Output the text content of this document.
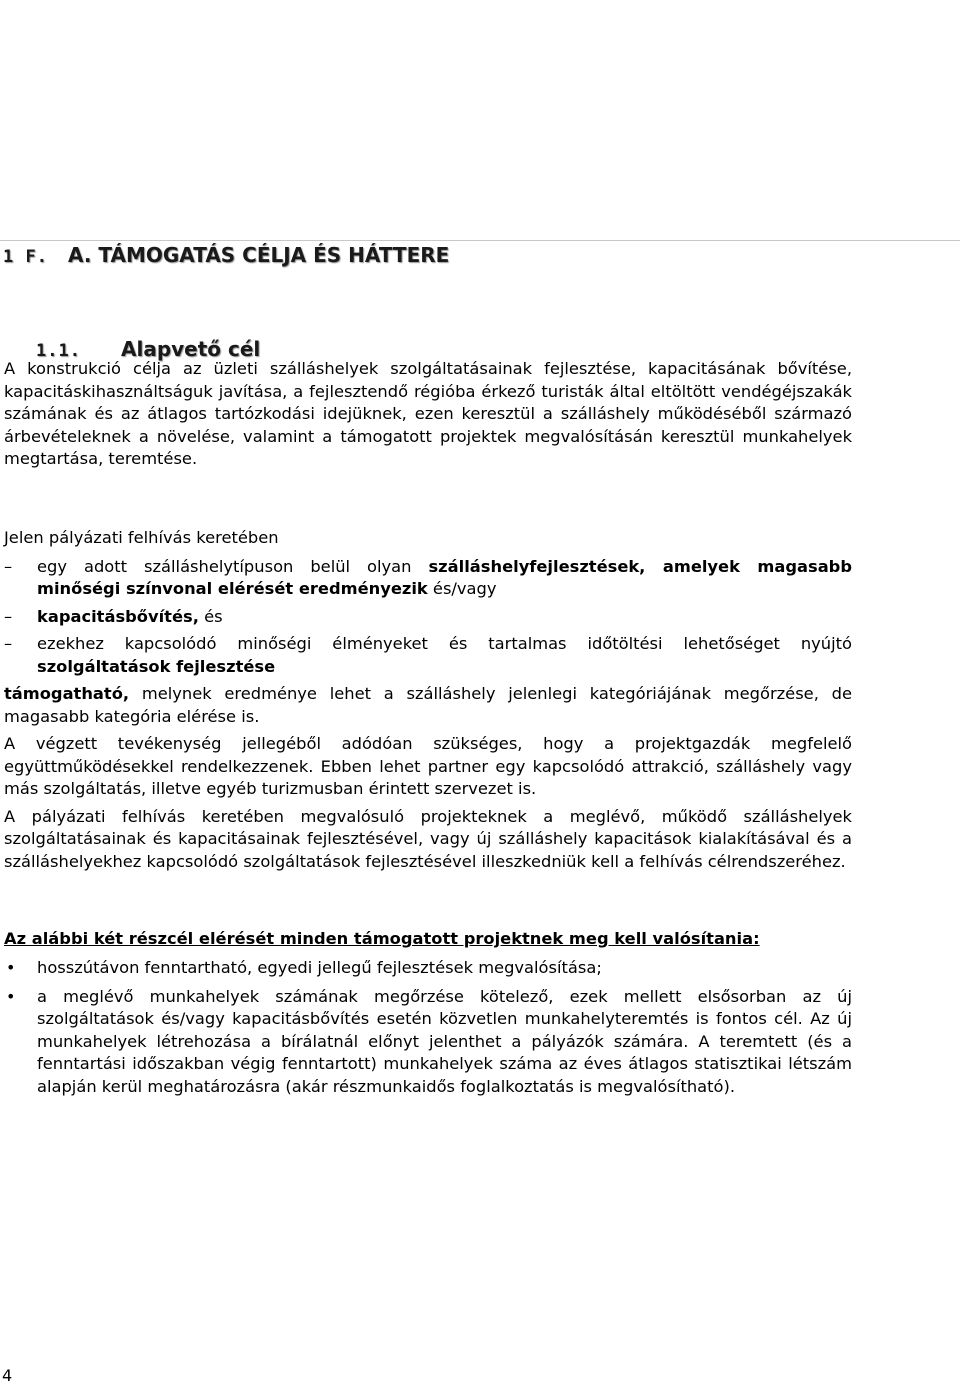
1 F. A. TÁMOGATÁS CÉLJA ÉS HÁTTERE
1.1. Alapvető cél

A konstrukció célja az üzleti szálláshelyek szolgáltatásainak fejlesztése, kapacitásának bővítése, kapacitáskihasználtságuk javítása, a fejlesztendő régióba érkező turisták által eltöltött vendégéjszakák számának és az átlagos tartózkodási idejüknek, ezen keresztül a szálláshely működéséből származó árbevételeknek a növelése, valamint a támogatott projektek megvalósításán keresztül munkahelyek megtartása, teremtése.

Jelen pályázati felhívás keretében

–	egy adott szálláshelytípuson belül olyan szálláshelyfejlesztések, amelyek magasabb minőségi színvonal elérését eredményezik és/vagy
–	kapacitásbővítés, és
–	ezekhez kapcsolódó minőségi élményeket és tartalmas időtöltési lehetőséget nyújtó szolgáltatások fejlesztése

támogatható, melynek eredménye lehet a szálláshely jelenlegi kategóriájának megőrzése, de magasabb kategória elérése is.

A végzett tevékenység jellegéből adódóan szükséges, hogy a projektgazdák megfelelő együttműködésekkel rendelkezzenek. Ebben lehet partner egy kapcsolódó attrakció, szálláshely vagy más szolgáltatás, illetve egyéb turizmusban érintett szervezet is.

A pályázati felhívás keretében megvalósuló projekteknek a meglévő, működő szálláshelyek szolgáltatásainak és kapacitásainak fejlesztésével, vagy új szálláshely kapacitások kialakításával és a szálláshelyekhez kapcsolódó szolgáltatások fejlesztésével illeszkedniük kell a felhívás célrendszeréhez.

Az alábbi két részcél elérését minden támogatott projektnek meg kell valósítania:
• hosszútávon fenntartható, egyedi jellegű fejlesztések megvalósítása;
• a meglévő munkahelyek számának megőrzése kötelező, ezek mellett elsősorban az új szolgáltatások és/vagy kapacitásbővítés esetén közvetlen munkahelyteremtés is fontos cél. Az új munkahelyek létrehozása a bírálatnál előnyt jelenthet a pályázók számára. A teremtett (és a fenntartási időszakban végig fenntartott) munkahelyek száma az éves átlagos statisztikai létszám alapján kerül meghatározásra (akár részmunkaidős foglalkoztatás is megvalósítható).
4
